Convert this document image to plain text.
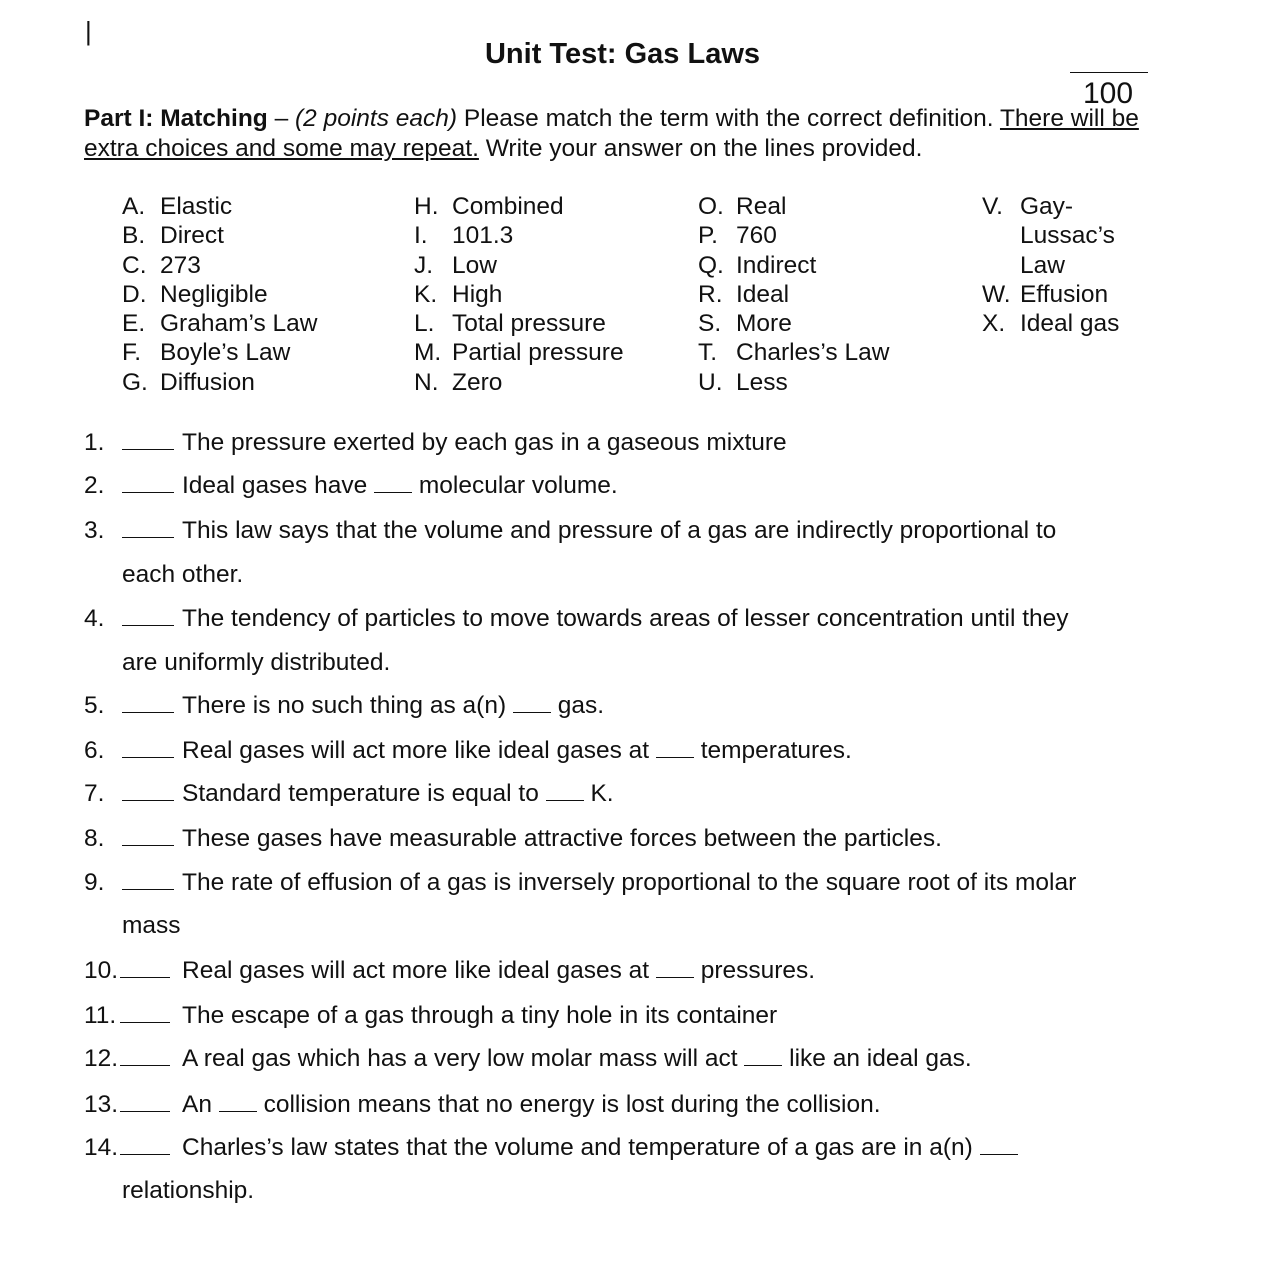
|
Unit Test: Gas Laws
100
Part I: Matching – (2 points each) Please match the term with the correct definition. There will be extra choices and some may repeat. Write your answer on the lines provided.
A. Elastic
B. Direct
C. 273
D. Negligible
E. Graham’s Law
F. Boyle’s Law
G. Diffusion
H. Combined
I. 101.3
J. Low
K. High
L. Total pressure
M. Partial pressure
N. Zero
O. Real
P. 760
Q. Indirect
R. Ideal
S. More
T. Charles’s Law
U. Less
V. Gay-
Lussac’s
Law
W. Effusion
X. Ideal gas
1.	The pressure exerted by each gas in a gaseous mixture
2.	Ideal gases have  molecular volume.
3.	This law says that the volume and pressure of a gas are indirectly proportional to
each other.
4.	The tendency of particles to move towards areas of lesser concentration until they
are uniformly distributed.
5.	There is no such thing as a(n)  gas.
6.	Real gases will act more like ideal gases at  temperatures.
7.	Standard temperature is equal to  K.
8.	These gases have measurable attractive forces between the particles.
9.	The rate of effusion of a gas is inversely proportional to the square root of its molar
mass
10.	Real gases will act more like ideal gases at  pressures.
11.	The escape of a gas through a tiny hole in its container
12.	A real gas which has a very low molar mass will act  like an ideal gas.
13.	An  collision means that no energy is lost during the collision.
14.	Charles’s law states that the volume and temperature of a gas are in a(n)
relationship.
